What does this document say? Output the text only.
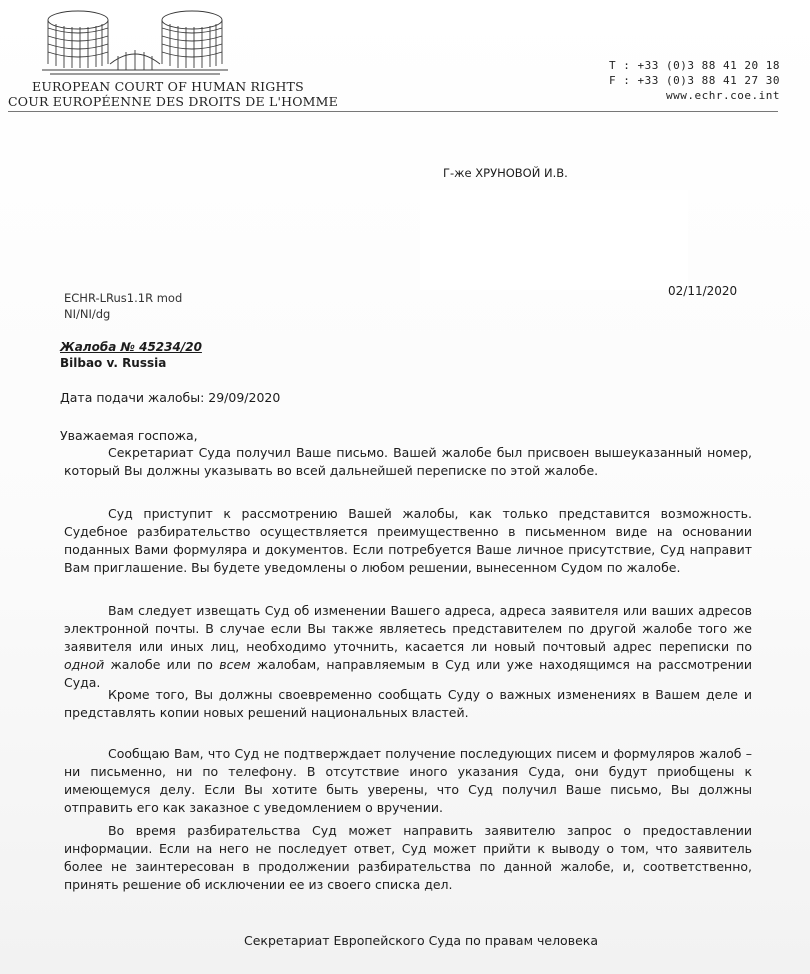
EUROPEAN COURT OF HUMAN RIGHTS
COUR EUROPÉENNE DES DROITS DE L'HOMME
T : +33 (0)3 88 41 20 18
F : +33 (0)3 88 41 27 30
www.echr.coe.int
Г-же ХРУНОВОЙ И.В.
02/11/2020
ECHR-LRus1.1R mod
NI/NI/dg
Жалоба № 45234/20
Bilbao v. Russia
Дата подачи жалобы: 29/09/2020
Уважаемая госпожа,

Секретариат Суда получил Ваше письмо. Вашей жалобе был присвоен вышеуказанный номер, который Вы должны указывать во всей дальнейшей переписке по этой жалобе.

Суд приступит к рассмотрению Вашей жалобы, как только представится возможность. Судебное разбирательство осуществляется преимущественно в письменном виде на основании поданных Вами формуляра и документов. Если потребуется Ваше личное присутствие, Суд направит Вам приглашение. Вы будете уведомлены о любом решении, вынесенном Судом по жалобе.

Вам следует извещать Суд об изменении Вашего адреса, адреса заявителя или ваших адресов электронной почты. В случае если Вы также являетесь представителем по другой жалобе того же заявителя или иных лиц, необходимо уточнить, касается ли новый почтовый адрес переписки по одной жалобе или по всем жалобам, направляемым в Суд или уже находящимся на рассмотрении Суда.

Кроме того, Вы должны своевременно сообщать Суду о важных изменениях в Вашем деле и представлять копии новых решений национальных властей.

Сообщаю Вам, что Суд не подтверждает получение последующих писем и формуляров жалоб – ни письменно, ни по телефону. В отсутствие иного указания Суда, они будут приобщены к имеющемуся делу. Если Вы хотите быть уверены, что Суд получил Ваше письмо, Вы должны отправить его как заказное с уведомлением о вручении.

Во время разбирательства Суд может направить заявителю запрос о предоставлении информации. Если на него не последует ответ, Суд может прийти к выводу о том, что заявитель более не заинтересован в продолжении разбирательства по данной жалобе, и, соответственно, принять решение об исключении ее из своего списка дел.

Секретариат Европейского Суда по правам человека
